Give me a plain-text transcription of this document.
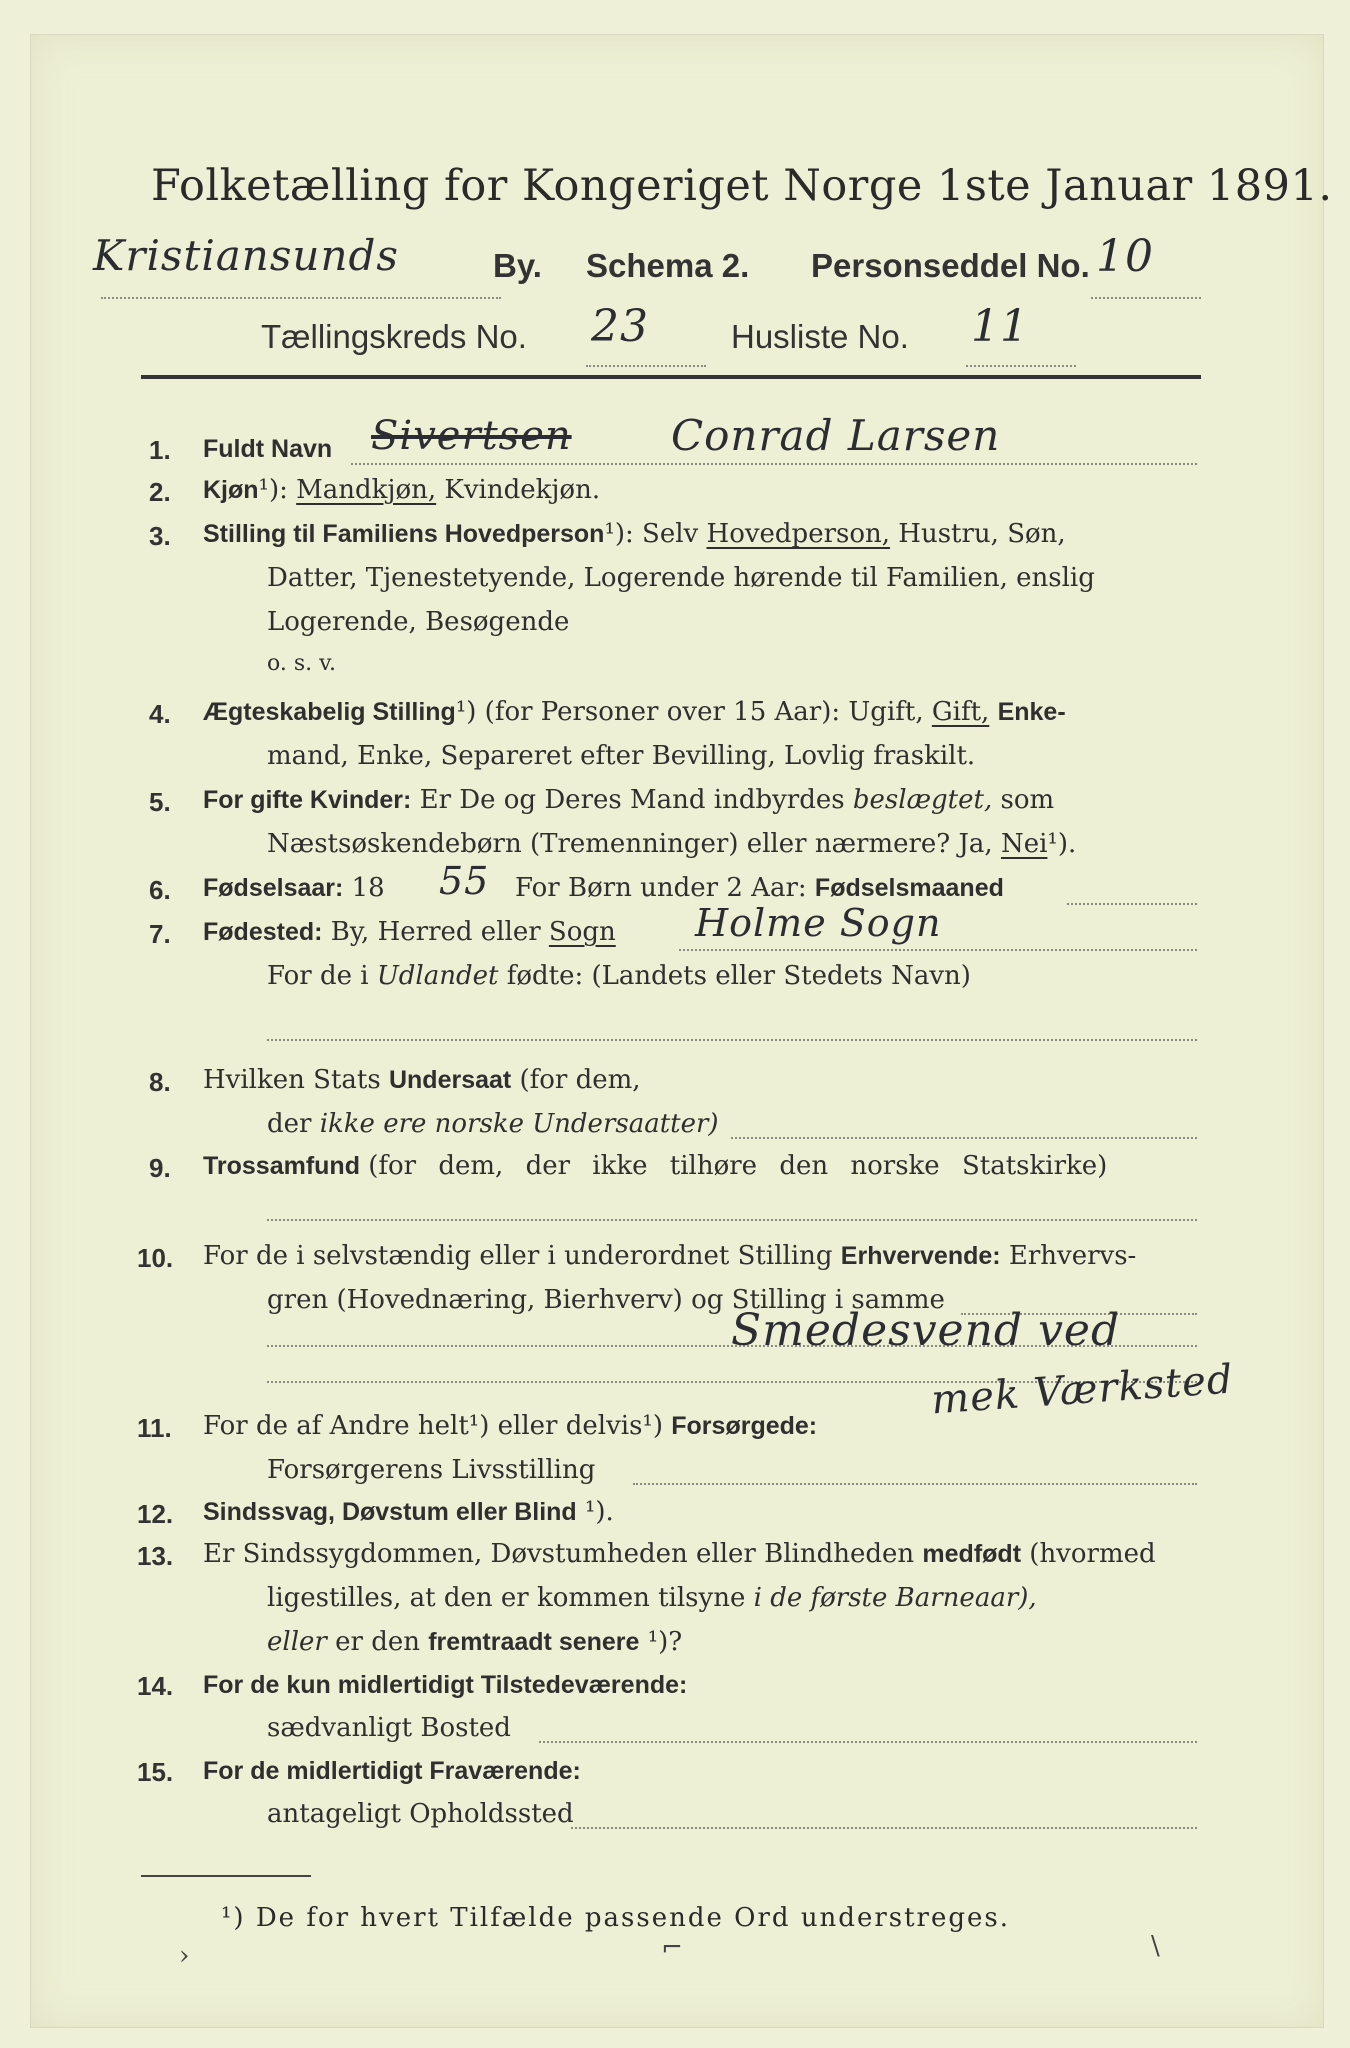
Folketælling for Kongeriget Norge 1ste Januar 1891.
Kristiansunds	By. Schema 2. Personseddel No. 10
Tællingskreds No. 23 Husliste No. 11
1. Fuldt Navn Sivertsen Conrad Larsen
2. Kjøn¹): Mandkjøn, Kvindekjøn.
3. Stilling til Familiens Hovedperson¹): Selv Hovedperson, Hustru, Søn,
Datter, Tjenestetyende, Logerende hørende til Familien, enslig
Logerende, Besøgende
o. s. v.
4. Ægteskabelig Stilling¹) (for Personer over 15 Aar): Ugift, Gift, Enke-
mand, Enke, Separeret efter Bevilling, Lovlig fraskilt.
5. For gifte Kvinder: Er De og Deres Mand indbyrdes beslægtet, som
Næstsøskendebørn (Tremenninger) eller nærmere? Ja, Nei¹).
6. Fødselsaar: 18 55 For Børn under 2 Aar: Fødselsmaaned
7. Fødested: By, Herred eller Sogn Holme Sogn
For de i Udlandet fødte: (Landets eller Stedets Navn)
8. Hvilken Stats Undersaat (for dem,
der ikke ere norske Undersaatter)
9. Trossamfund (for dem, der ikke tilhøre den norske Statskirke)
10. For de i selvstændig eller i underordnet Stilling Erhvervende: Erhvervs-
gren (Hovednæring, Bierhverv) og Stilling i samme
Smedesvend ved
mek Værksted
11. For de af Andre helt¹) eller delvis¹) Forsørgede:
Forsørgerens Livsstilling
12. Sindssvag, Døvstum eller Blind ¹).
13. Er Sindssygdommen, Døvstumheden eller Blindheden medfødt (hvormed
ligestilles, at den er kommen tilsyne i de første Barneaar),
eller er den fremtraadt senere ¹)?
14. For de kun midlertidigt Tilstedeværende:
sædvanligt Bosted
15. For de midlertidigt Fraværende:
antageligt Opholdssted
¹) De for hvert Tilfælde passende Ord understreges.
›	⌐	\
